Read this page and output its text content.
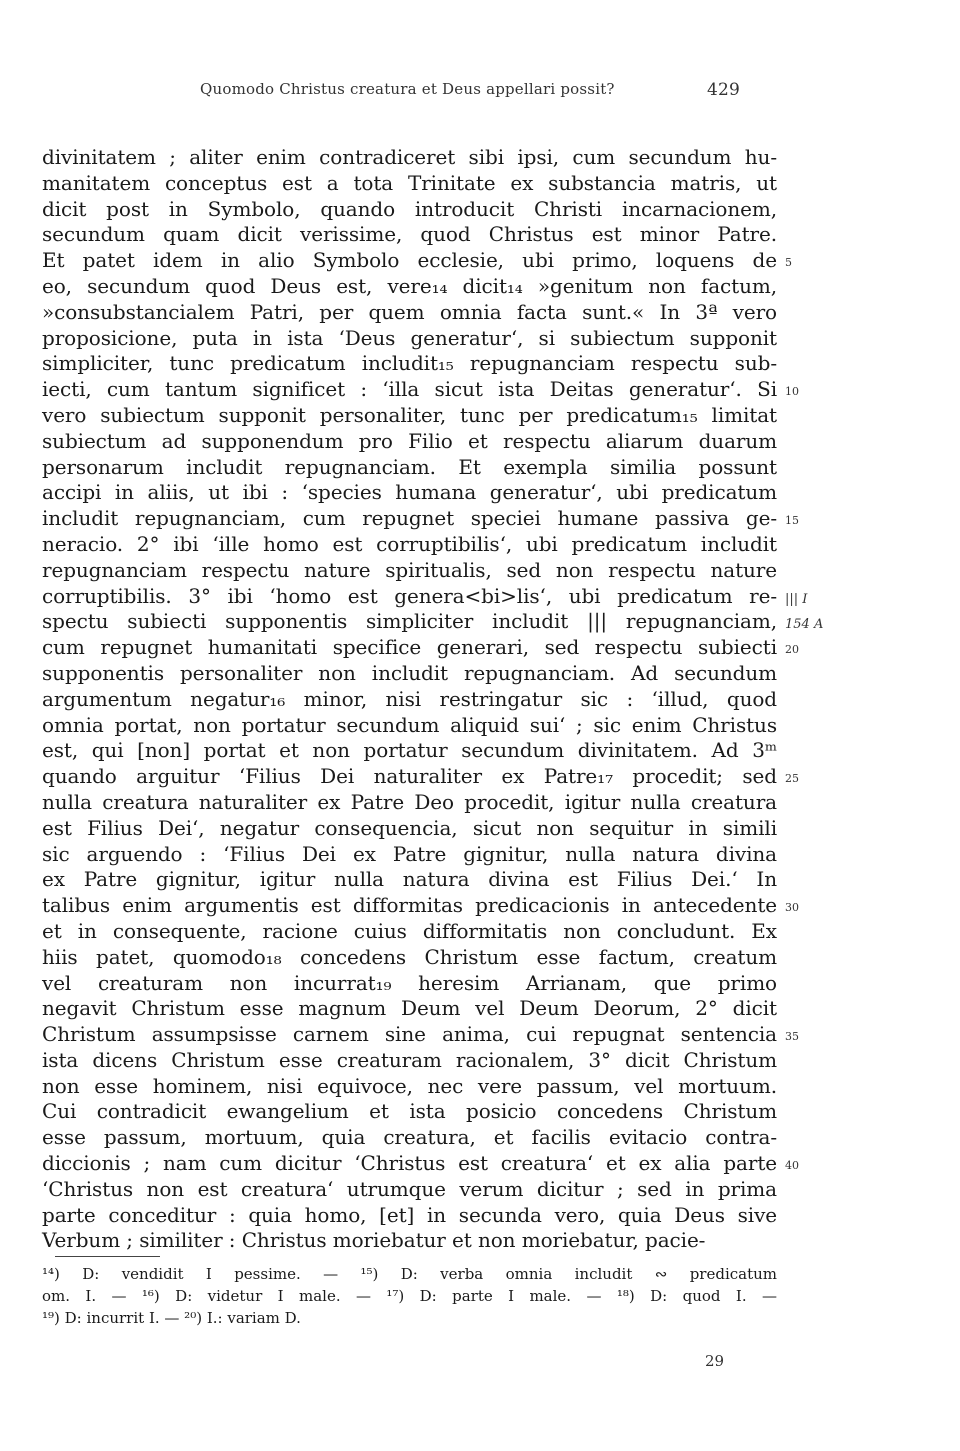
Quomodo Christus creatura et Deus appellari possit?	429
divinitatem ; aliter enim contradiceret sibi ipsi, cum secundum hu-
manitatem conceptus est a tota Trinitate ex substancia matris, ut
dicit post in Symbolo, quando introducit Christi incarnacionem,
secundum quam dicit verissime, quod Christus est minor Patre.
Et patet idem in alio Symbolo ecclesie, ubi primo, loquens de
eo, secundum quod Deus est, vere₁₄ dicit₁₄ »genitum non factum,
»consubstancialem Patri, per quem omnia facta sunt.« In 3ª vero
proposicione, puta in ista ‘Deus generatur‘, si subiectum supponit
simpliciter, tunc predicatum includit₁₅ repugnanciam respectu sub-
iecti, cum tantum significet : ‘illa sicut ista Deitas generatur‘. Si
vero subiectum supponit personaliter, tunc per predicatum₁₅ limitat
subiectum ad supponendum pro Filio et respectu aliarum duarum
personarum includit repugnanciam. Et exempla similia possunt
accipi in aliis, ut ibi : ‘species humana generatur‘, ubi predicatum
includit repugnanciam, cum repugnet speciei humane passiva ge-
neracio. 2° ibi ‘ille homo est corruptibilis‘, ubi predicatum includit
repugnanciam respectu nature spiritualis, sed non respectu nature
corruptibilis. 3° ibi ‘homo est genera<bi>lis‘, ubi predicatum re-
spectu subiecti supponentis simpliciter includit ||| repugnanciam,
cum repugnet humanitati specifice generari, sed respectu subiecti
supponentis personaliter non includit repugnanciam. Ad secundum
argumentum negatur₁₆ minor, nisi restringatur sic : ‘illud, quod
omnia portat, non portatur secundum aliquid sui‘ ; sic enim Christus
est, qui [non] portat et non portatur secundum divinitatem. Ad 3ᵐ
quando arguitur ‘Filius Dei naturaliter ex Patre₁₇ procedit; sed
nulla creatura naturaliter ex Patre Deo procedit, igitur nulla creatura
est Filius Dei‘, negatur consequencia, sicut non sequitur in simili
sic arguendo : ‘Filius Dei ex Patre gignitur, nulla natura divina
ex Patre gignitur, igitur nulla natura divina est Filius Dei.‘ In
talibus enim argumentis est difformitas predicacionis in antecedente
et in consequente, racione cuius difformitatis non concludunt. Ex
hiis patet, quomodo₁₈ concedens Christum esse factum, creatum
vel creaturam non incurrat₁₉ heresim Arrianam, que primo
negavit Christum esse magnum Deum vel Deum Deorum, 2° dicit
Christum assumpsisse carnem sine anima, cui repugnat sentencia
ista dicens Christum esse creaturam racionalem, 3° dicit Christum
non esse hominem, nisi equivoce, nec vere passum, vel mortuum.
Cui contradicit ewangelium et ista posicio concedens Christum
esse passum, mortuum, quia creatura, et facilis evitacio contra-
diccionis ; nam cum dicitur ‘Christus est creatura‘ et ex alia parte
‘Christus non est creatura‘ utrumque verum dicitur ; sed in prima
parte conceditur : quia homo, [et] in secunda vero, quia Deus sive
Verbum ; similiter : Christus moriebatur et non moriebatur, pacie-
5
10
15
20
25
30
35
40
||| I
154 A
¹⁴) D: vendidit I pessime. — ¹⁵) D: verba omnia includit ∾ predicatum
om. I. — ¹⁶) D: videtur I male. — ¹⁷) D: parte I male. — ¹⁸) D: quod I. —
¹⁹) D: incurrit I. — ²⁰) I.: variam D.
29
